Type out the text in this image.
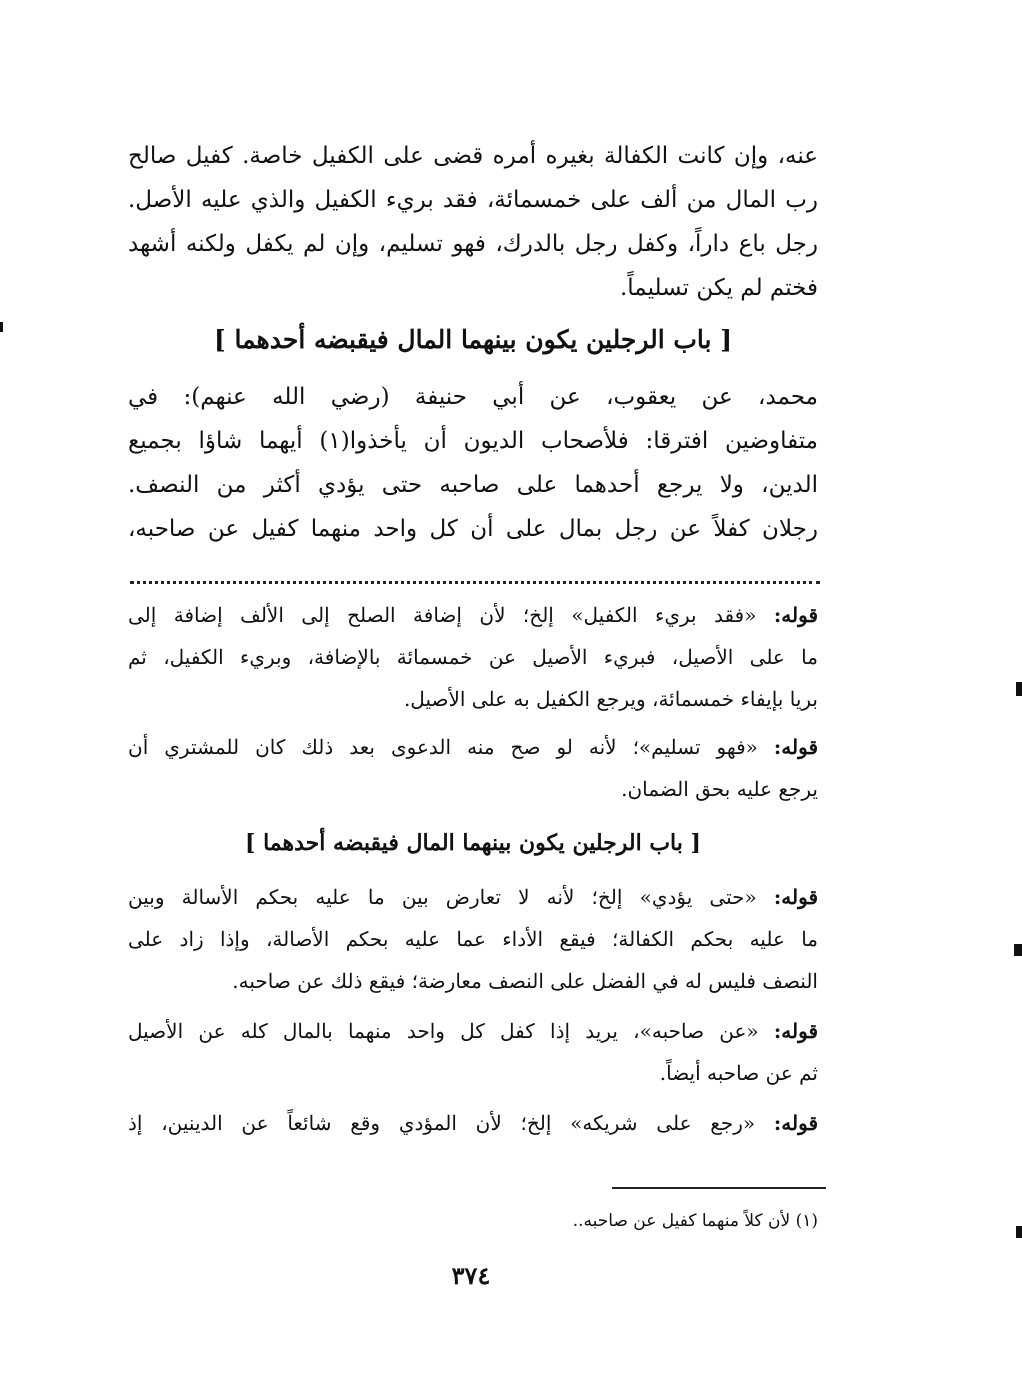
عنه، وإن كانت الكفالة بغيره أمره قضى على الكفيل خاصة. كفيل صالح
رب المال من ألف على خمسمائة، فقد بريء الكفيل والذي عليه الأصل.
رجل باع داراً، وكفل رجل بالدرك، فهو تسليم، وإن لم يكفل ولكنه أشهد
فختم لم يكن تسليماً.
[ باب الرجلين يكون بينهما المال فيقبضه أحدهما ]
محمد، عن يعقوب، عن أبي حنيفة (رضي الله عنهم): في
متفاوضين افترقا: فلأصحاب الديون أن يأخذوا(١) أيهما شاؤا بجميع
الدين، ولا يرجع أحدهما على صاحبه حتى يؤدي أكثر من النصف.
رجلان كفلاً عن رجل بمال على أن كل واحد منهما كفيل عن صاحبه،
قوله: «فقد بريء الكفيل» إلخ؛ لأن إضافة الصلح إلى الألف إضافة إلى
ما على الأصيل، فبريء الأصيل عن خمسمائة بالإضافة، وبريء الكفيل، ثم
بريا بإيفاء خمسمائة، ويرجع الكفيل به على الأصيل.
قوله: «فهو تسليم»؛ لأنه لو صح منه الدعوى بعد ذلك كان للمشتري أن
يرجع عليه بحق الضمان.
[ باب الرجلين يكون بينهما المال فيقبضه أحدهما ]
قوله: «حتى يؤدي» إلخ؛ لأنه لا تعارض بين ما عليه بحكم الأسالة وبين
ما عليه بحكم الكفالة؛ فيقع الأداء عما عليه بحكم الأصالة، وإذا زاد على
النصف فليس له في الفضل على النصف معارضة؛ فيقع ذلك عن صاحبه.
قوله: «عن صاحبه»، يريد إذا كفل كل واحد منهما بالمال كله عن الأصيل
ثم عن صاحبه أيضاً.
قوله: «رجع على شريكه» إلخ؛ لأن المؤدي وقع شائعاً عن الدينين، إذ
(١) لأن كلاً منهما كفيل عن صاحبه..
٣٧٤
